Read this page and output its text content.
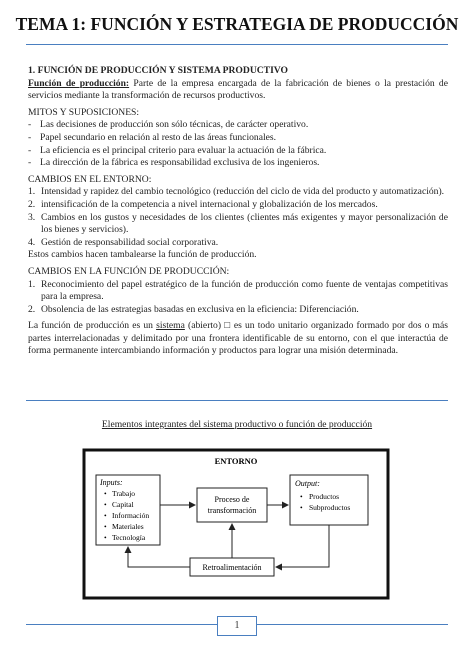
TEMA 1: FUNCIÓN Y ESTRATEGIA DE PRODUCCIÓN

1. FUNCIÓN DE PRODUCCIÓN Y SISTEMA PRODUCTIVO

Función de producción: Parte de la empresa encargada de la fabricación de bienes o la prestación de servicios mediante la transformación de recursos productivos.

MITOS Y SUPOSICIONES:

- Las decisiones de producción son sólo técnicas, de carácter operativo.
- Papel secundario en relación al resto de las áreas funcionales.
- La eficiencia es el principal criterio para evaluar la actuación de la fábrica.
- La dirección de la fábrica es responsabilidad exclusiva de los ingenieros.

CAMBIOS EN EL ENTORNO:

1. Intensidad y rapidez del cambio tecnológico (reducción del ciclo de vida del producto y automatización).
2. intensificación de la competencia a nivel internacional y globalización de los mercados.
3. Cambios en los gustos y necesidades de los clientes (clientes más exigentes y mayor personalización de los bienes y servicios).
4. Gestión de responsabilidad social corporativa.

Estos cambios hacen tambalearse la función de producción.

CAMBIOS EN LA FUNCIÓN DE PRODUCCIÓN:

1. Reconocimiento del papel estratégico de la función de producción como fuente de ventajas competitivas para la empresa.
2. Obsolencia de las estrategias basadas en exclusiva en la eficiencia: Diferenciación.

La función de producción es un sistema (abierto) □ es un todo unitario organizado formado por dos o más partes interrelacionadas y delimitado por una frontera identificable de su entorno, con el que interactúa de forma permanente intercambiando información y productos para lograr una misión determinada.

Elementos integrantes del sistema productivo o función de producción
ENTORNO
Inputs:
• Trabajo
• Capital
• Información
• Materiales
• Tecnología
Proceso de
transformación
Output:
• Productos
• Subproductos
Retroalimentación
1
